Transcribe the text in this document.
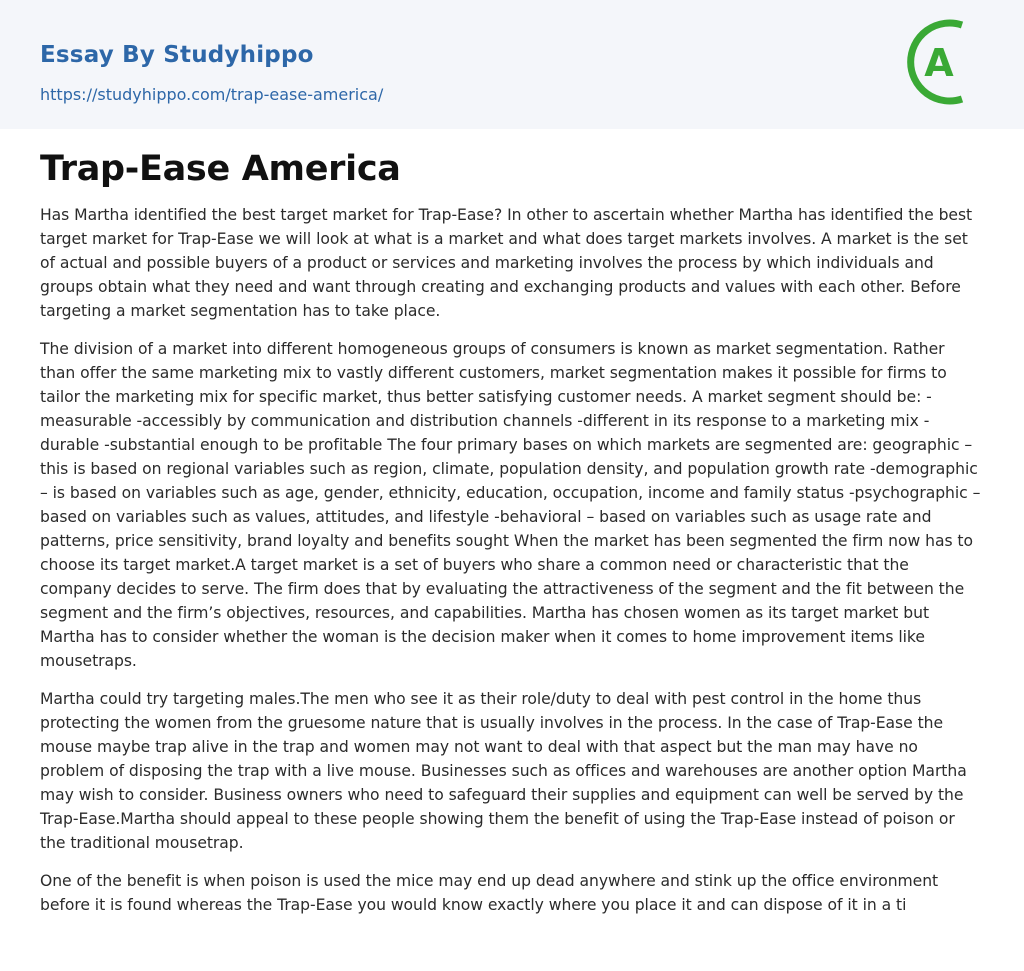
Essay By Studyhippo
https://studyhippo.com/trap-ease-america/
A
Trap-Ease America

Has Martha identified the best target market for Trap-Ease? In other to ascertain whether Martha has identified the best target market for Trap-Ease we will look at what is a market and what does target markets involves. A market is the set of actual and possible buyers of a product or services and marketing involves the process by which individuals and groups obtain what they need and want through creating and exchanging products and values with each other. Before targeting a market segmentation has to take place.

The division of a market into different homogeneous groups of consumers is known as market segmentation. Rather than offer the same marketing mix to vastly different customers, market segmentation makes it possible for firms to tailor the marketing mix for specific market, thus better satisfying customer needs. A market segment should be: -measurable -accessibly by communication and distribution channels -different in its response to a marketing mix -durable -substantial enough to be profitable The four primary bases on which markets are segmented are: geographic – this is based on regional variables such as region, climate, population density, and population growth rate -demographic – is based on variables such as age, gender, ethnicity, education, occupation, income and family status -psychographic – based on variables such as values, attitudes, and lifestyle -behavioral – based on variables such as usage rate and patterns, price sensitivity, brand loyalty and benefits sought When the market has been segmented the firm now has to choose its target market.A target market is a set of buyers who share a common need or characteristic that the company decides to serve. The firm does that by evaluating the attractiveness of the segment and the fit between the segment and the firm’s objectives, resources, and capabilities. Martha has chosen women as its target market but Martha has to consider whether the woman is the decision maker when it comes to home improvement items like mousetraps.

Martha could try targeting males.The men who see it as their role/duty to deal with pest control in the home thus protecting the women from the gruesome nature that is usually involves in the process. In the case of Trap-Ease the mouse maybe trap alive in the trap and women may not want to deal with that aspect but the man may have no problem of disposing the trap with a live mouse. Businesses such as offices and warehouses are another option Martha may wish to consider. Business owners who need to safeguard their supplies and equipment can well be served by the Trap-Ease.Martha should appeal to these people showing them the benefit of using the Trap-Ease instead of poison or the traditional mousetrap.

One of the benefit is when poison is used the mice may end up dead anywhere and stink up the office environment before it is found whereas the Trap-Ease you would know exactly where you place it and can dispose of it in a ti
